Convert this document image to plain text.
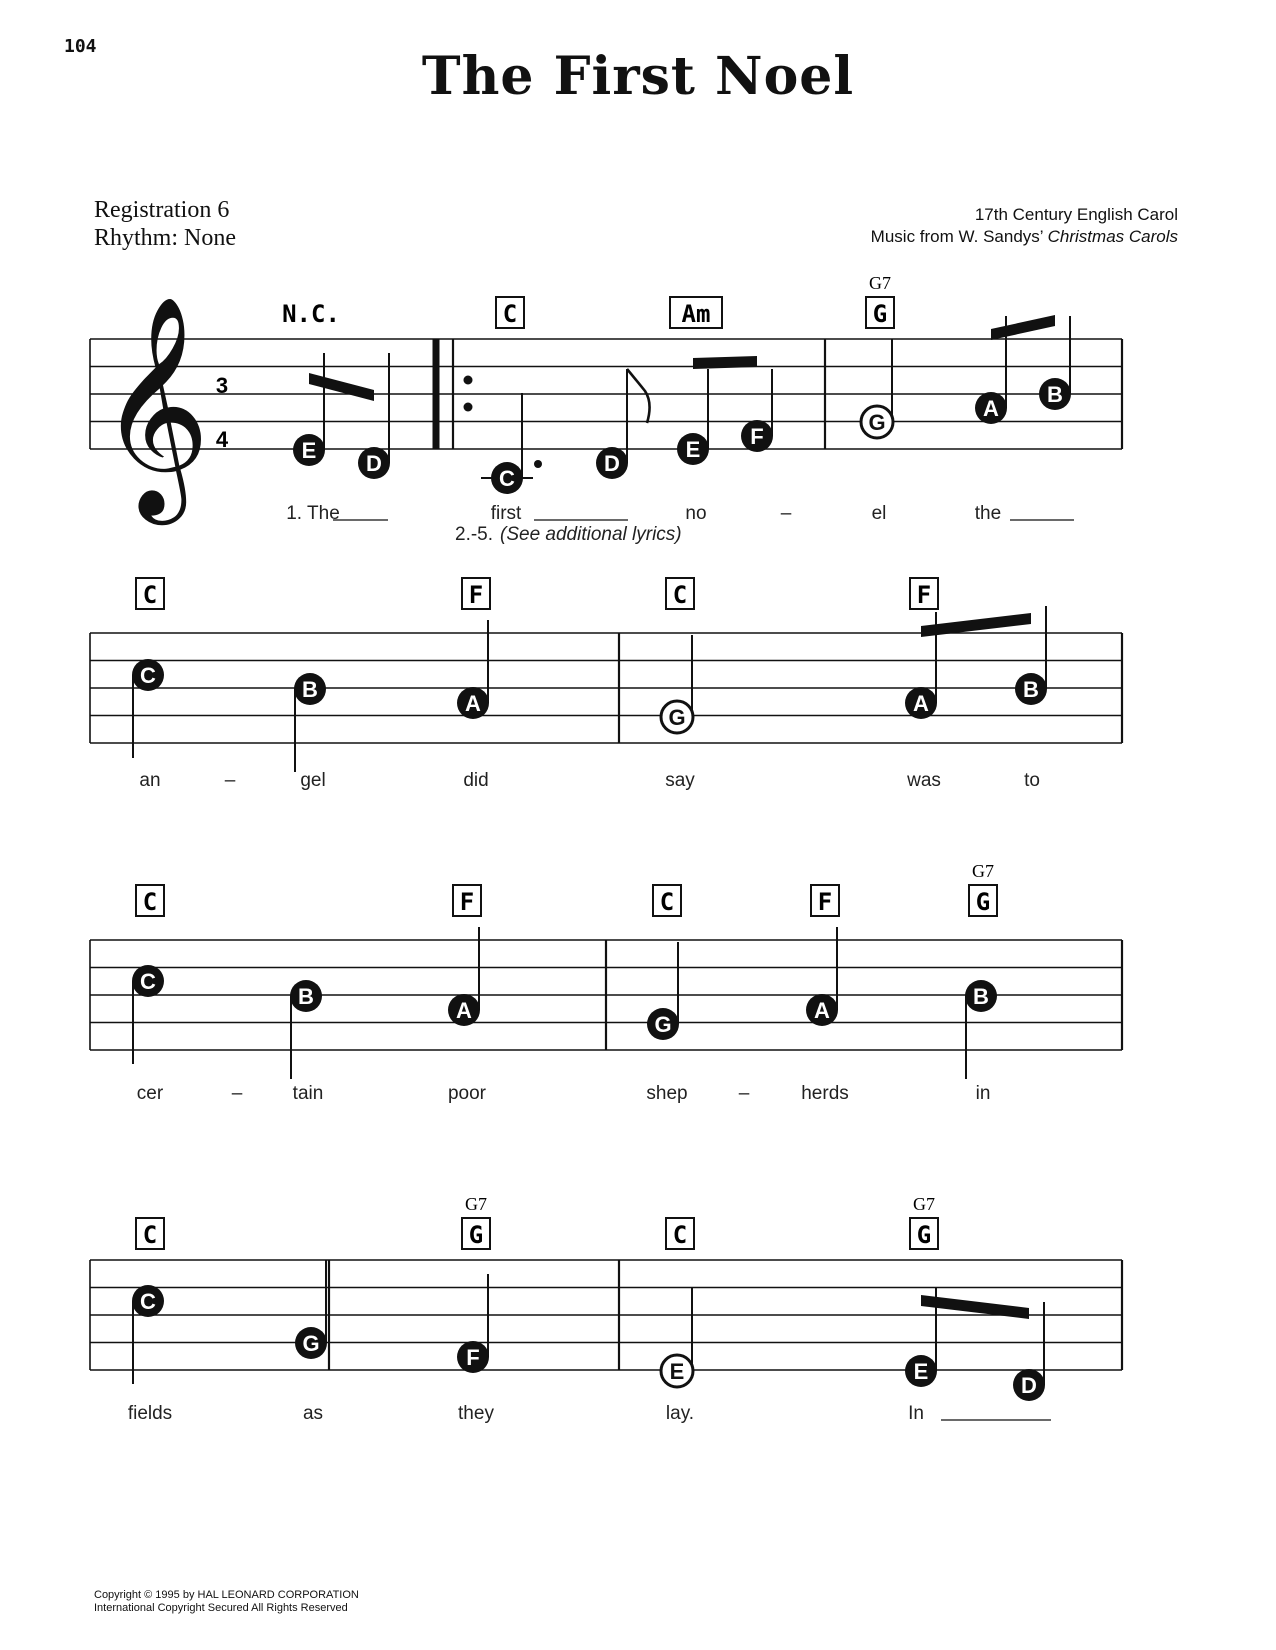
104	The First Noel
Registration 6
Rhythm: None
17th Century English Carol
Music from W. Sandys’ Christmas Carols
Copyright © 1995 by HAL LEONARD CORPORATION
International Copyright Secured All Rights Reserved
𝄞 3
4
N.C.	C	Am	G
G7
E
D
C
D
E
F
G
A
B
1. The	first	no	–	el	the
2.-5. (See additional lyrics)
C	F	C	F
C
B
A
G
A
B
an	–	gel	did	say	was	to
C	F	C	F	G
G7
C
B
A
G
A
B
cer	–	tain	poor	shep	–	herds	in
C	G
G7
C	G
G7
C
G
F
E	E
D
fields	as	they	lay.	In
